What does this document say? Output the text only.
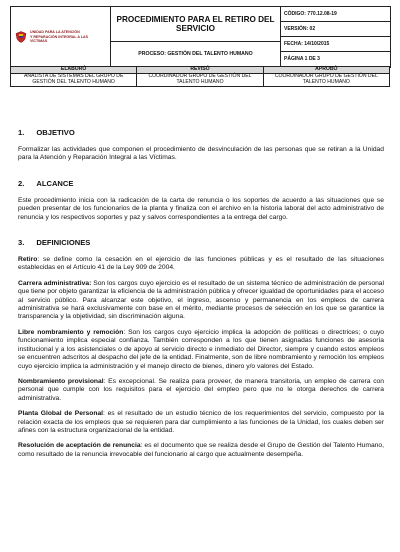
UNIDAD PARA LA ATENCIÓN
Y REPARACIÓN INTEGRAL A LAS VÍCTIMAS

PROCEDIMIENTO PARA EL RETIRO DEL SERVICIO
PROCESO: GESTIÓN DEL TALENTO HUMANO

CÓDIGO: 770.12.08-19
VERSIÓN: 02
FECHA: 14/10/2015
PÁGINA 1 DE 3
ELABORÓ	REVISÓ	APROBÓ
ANALISTA DE SISTEMAS DEL GRUPO DE GESTIÓN DEL TALENTO HUMANO	COORDINADOR GRUPO DE GESTIÓN DEL TALENTO HUMANO	COORDINADOR GRUPO DE GESTIÓN DEL TALENTO HUMANO
1. OBJETIVO

Formalizar las actividades que componen el procedimiento de desvinculación de las personas que se retiran a la Unidad para la Atención y Reparación Integral a las Víctimas.

2. ALCANCE

Este procedimiento inicia con la radicación de la carta de renuncia o los soportes de acuerdo a las situaciones que se pueden presentar de los funcionarios de la planta y finaliza con el archivo en la historia laboral del acto administrativo de renuncia y los respectivos soportes y paz y salvos correspondientes a la entrega del cargo.

3. DEFINICIONES

Retiro: se define como la cesación en el ejercicio de las funciones públicas y es el resultado de las situaciones establecidas en el Artículo 41 de la Ley 909 de 2004.

Carrera administrativa: Son los cargos cuyo ejercicio es el resultado de un sistema técnico de administración de personal que tiene por objeto garantizar la eficiencia de la administración pública y ofrecer igualdad de oportunidades para el acceso al servicio público. Para alcanzar este objetivo, el ingreso, ascenso y permanencia en los empleos de carrera administrativa se hará exclusivamente con base en el mérito, mediante procesos de selección en los que se garantice la transparencia y la objetividad, sin discriminación alguna.

Libre nombramiento y remoción: Son los cargos cuyo ejercicio implica la adopción de políticas o directrices; o cuyo funcionamiento implica especial confianza. También corresponden a los que tienen asignadas funciones de asesoría institucional y a los asistenciales o de apoyo al servicio directo e inmediato del Director, siempre y cuando estos empleos se encuentren adscritos al despacho del jefe de la entidad. Finalmente, son de libre nombramiento y remoción los empleos cuyo ejercicio implica la administración y el manejo directo de bienes, dinero y/o valores del Estado.

Nombramiento provisional: Es excepcional. Se realiza para proveer, de manera transitoria, un empleo de carrera con personal que cumple con los requisitos para el ejercicio del empleo pero que no le otorga derechos de carrera administrativa.

Planta Global de Personal: es el resultado de un estudio técnico de los requerimientos del servicio, compuesto por la relación exacta de los empleos que se requieren para dar cumplimiento a las funciones de la Unidad, los cuales deben ser afines con la estructura organizacional de la entidad.

Resolución de aceptación de renuncia: es el documento que se realiza desde el Grupo de Gestión del Talento Humano, como resultado de la renuncia irrevocable del funcionario al cargo que actualmente desempeña.
